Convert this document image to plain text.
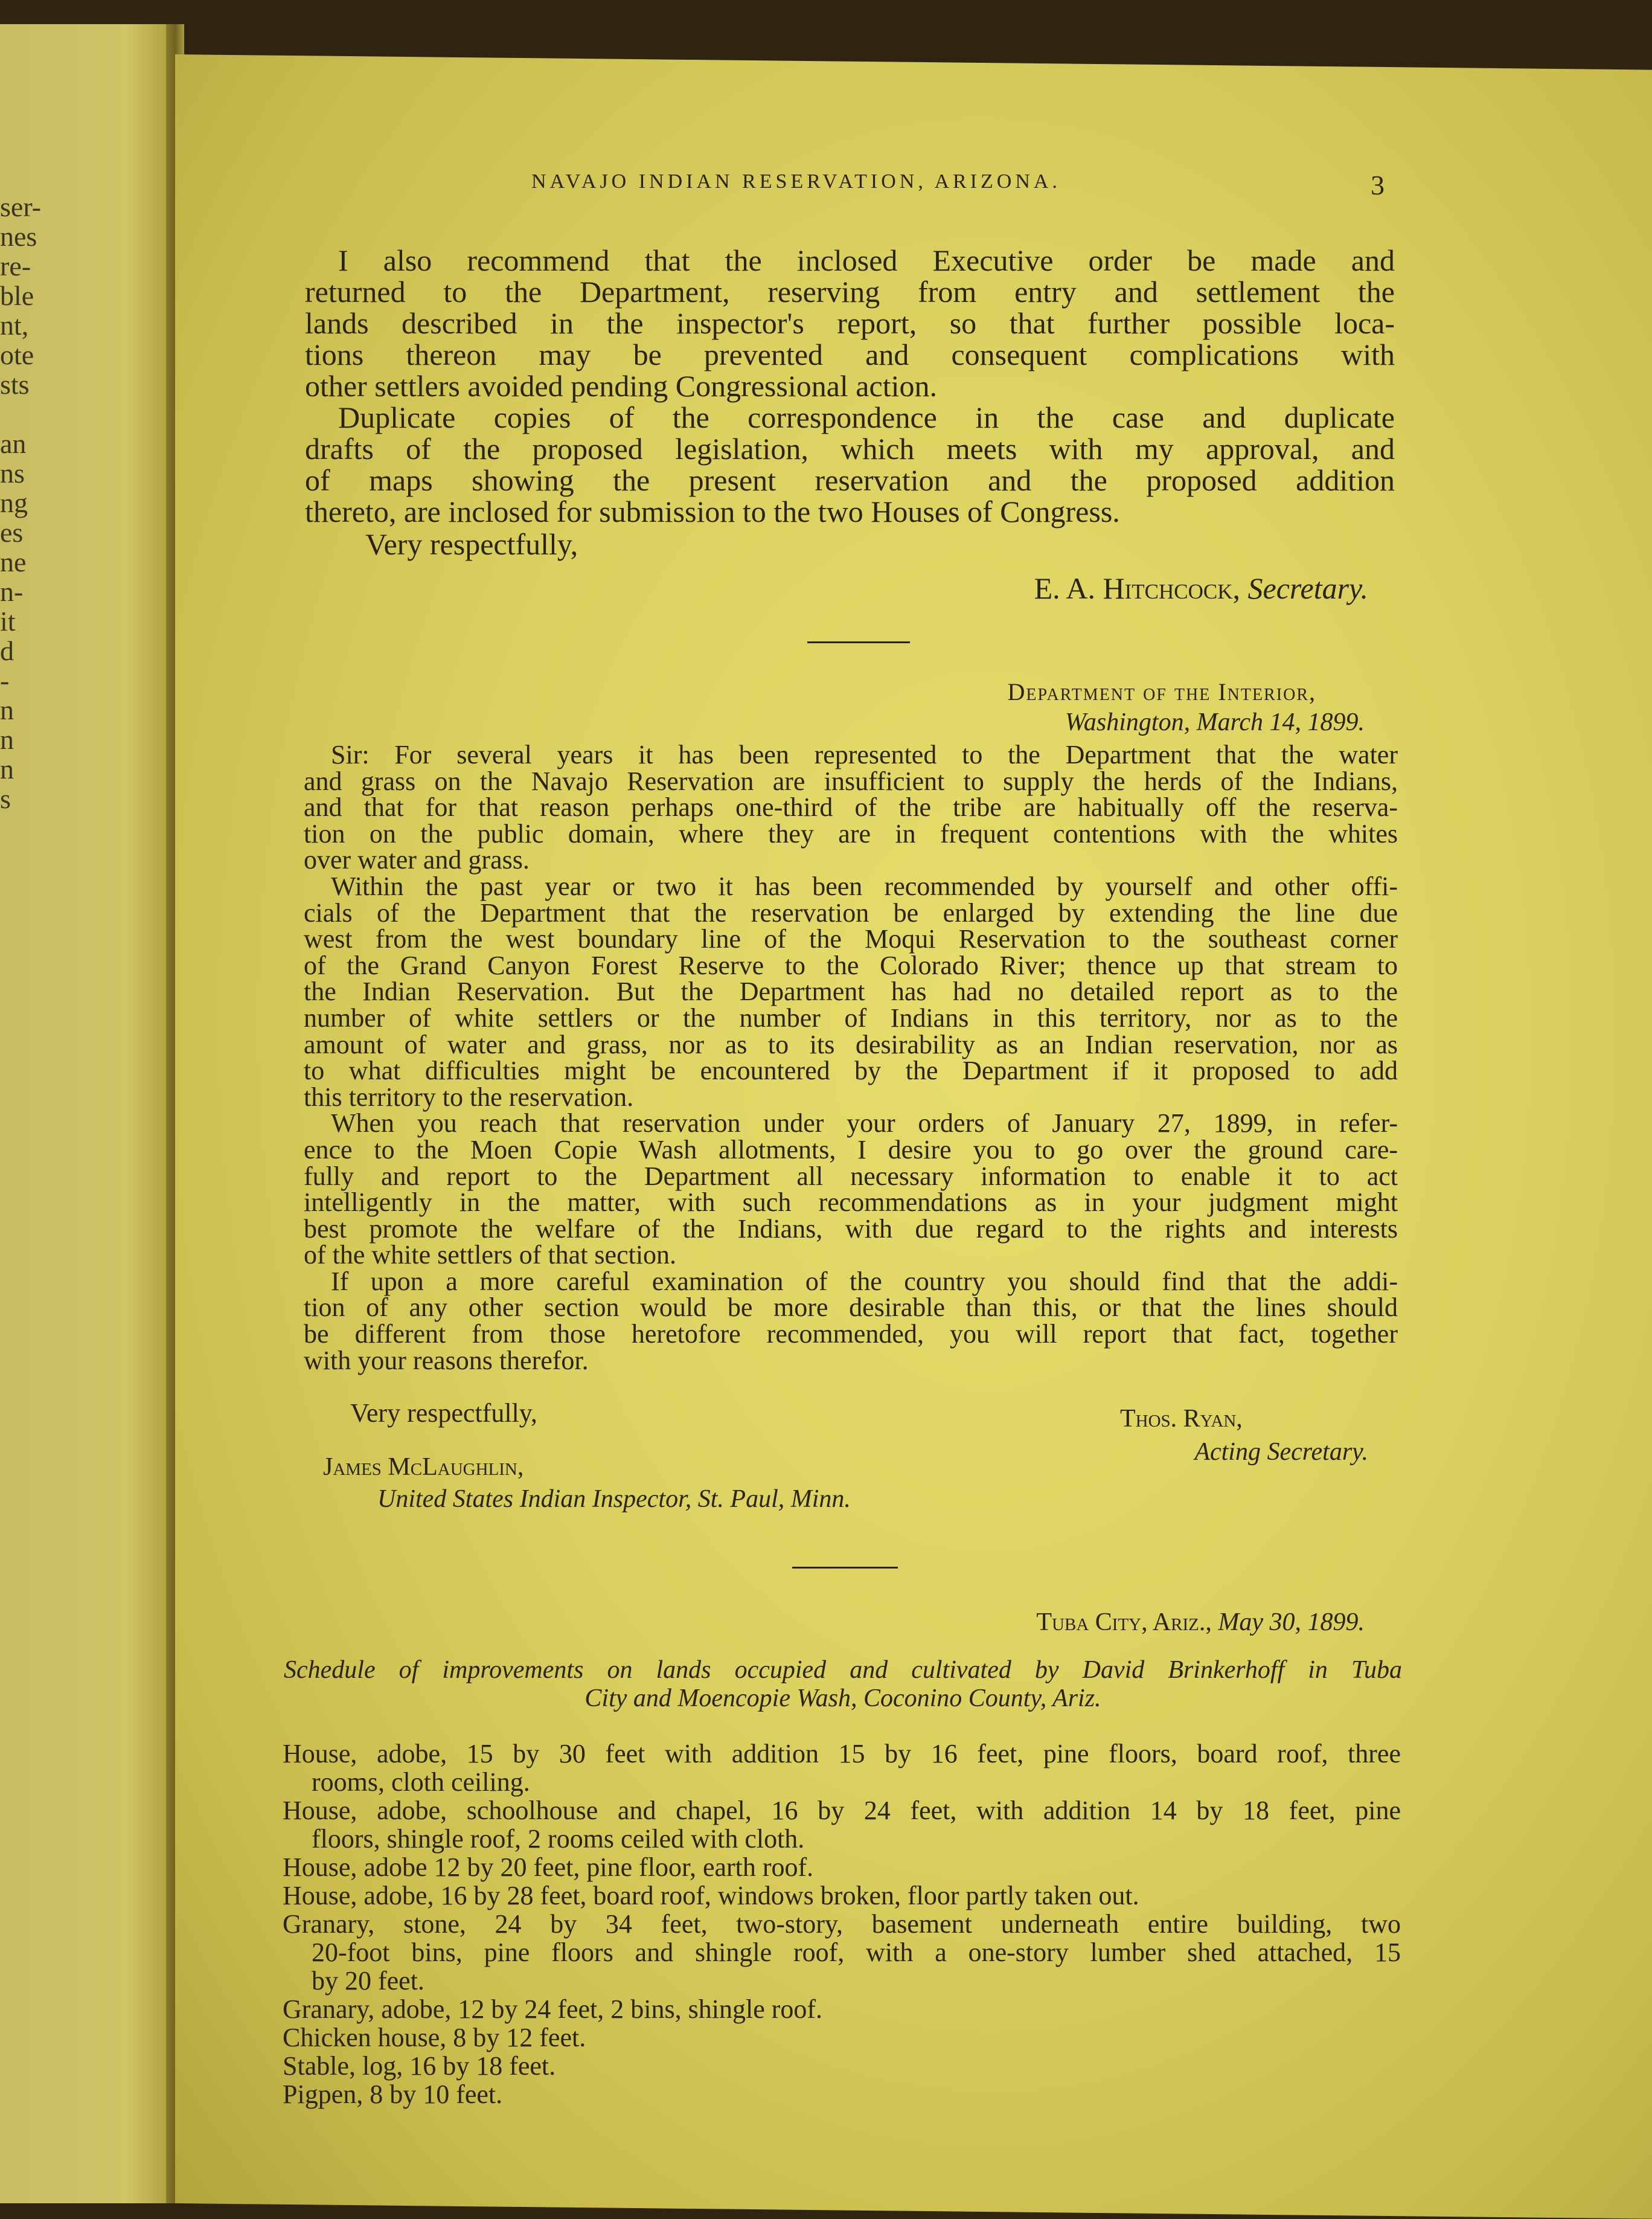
ser-
nes
re-
ble
nt,
ote
sts
an
ns
ng
es
ne
n-
it
d
-
n
n
n
s
NAVAJO INDIAN RESERVATION, ARIZONA.	3
I also recommend that the inclosed Executive order be made and
returned to the Department, reserving from entry and settlement the
lands described in the inspector's report, so that further possible loca-
tions thereon may be prevented and consequent complications with
other settlers avoided pending Congressional action.
Duplicate copies of the correspondence in the case and duplicate
drafts of the proposed legislation, which meets with my approval, and
of maps showing the present reservation and the proposed addition
thereto, are inclosed for submission to the two Houses of Congress.
Very respectfully,
E. A. Hitchcock, Secretary.
Department of the Interior,
Washington, March 14, 1899.
Sir: For several years it has been represented to the Department that the water
and grass on the Navajo Reservation are insufficient to supply the herds of the Indians,
and that for that reason perhaps one-third of the tribe are habitually off the reserva-
tion on the public domain, where they are in frequent contentions with the whites
over water and grass.
Within the past year or two it has been recommended by yourself and other offi-
cials of the Department that the reservation be enlarged by extending the line due
west from the west boundary line of the Moqui Reservation to the southeast corner
of the Grand Canyon Forest Reserve to the Colorado River; thence up that stream to
the Indian Reservation. But the Department has had no detailed report as to the
number of white settlers or the number of Indians in this territory, nor as to the
amount of water and grass, nor as to its desirability as an Indian reservation, nor as
to what difficulties might be encountered by the Department if it proposed to add
this territory to the reservation.
When you reach that reservation under your orders of January 27, 1899, in refer-
ence to the Moen Copie Wash allotments, I desire you to go over the ground care-
fully and report to the Department all necessary information to enable it to act
intelligently in the matter, with such recommendations as in your judgment might
best promote the welfare of the Indians, with due regard to the rights and interests
of the white settlers of that section.
If upon a more careful examination of the country you should find that the addi-
tion of any other section would be more desirable than this, or that the lines should
be different from those heretofore recommended, you will report that fact, together
with your reasons therefor.
Very respectfully,	Thos. Ryan,
Acting Secretary.
James McLaughlin,
United States Indian Inspector, St. Paul, Minn.
Tuba City, Ariz., May 30, 1899.
Schedule of improvements on lands occupied and cultivated by David Brinkerhoff in Tuba
City and Moencopie Wash, Coconino County, Ariz.
House, adobe, 15 by 30 feet with addition 15 by 16 feet, pine floors, board roof, three
rooms, cloth ceiling.
House, adobe, schoolhouse and chapel, 16 by 24 feet, with addition 14 by 18 feet, pine
floors, shingle roof, 2 rooms ceiled with cloth.
House, adobe 12 by 20 feet, pine floor, earth roof.
House, adobe, 16 by 28 feet, board roof, windows broken, floor partly taken out.
Granary, stone, 24 by 34 feet, two-story, basement underneath entire building, two
20-foot bins, pine floors and shingle roof, with a one-story lumber shed attached, 15
by 20 feet.
Granary, adobe, 12 by 24 feet, 2 bins, shingle roof.
Chicken house, 8 by 12 feet.
Stable, log, 16 by 18 feet.
Pigpen, 8 by 10 feet.
